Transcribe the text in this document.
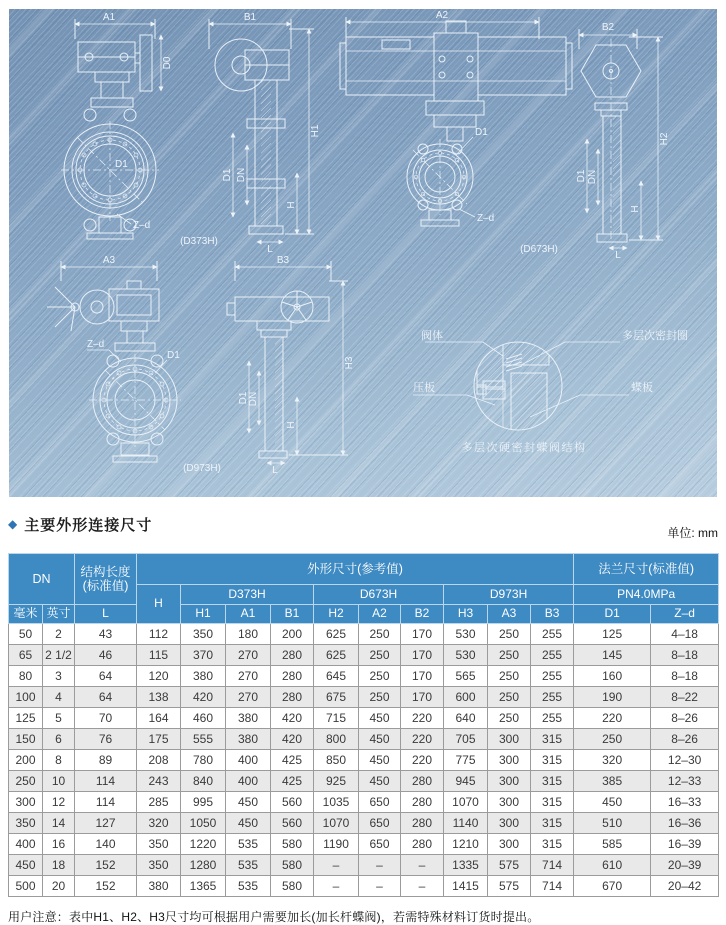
A1
D0
D1
Z–d
B1
H1
D1 DN
H
L
(D373H)
A2
D1
Z–d
(D673H)
B2
H2
D1 DN
H
L
A3
Z–d
D1
(D973H)
B3
H3
D1 DN
H
L
阀体	多层次密封圈
压板	蝶板
多层次硬密封蝶阀结构
◆ 主要外形连接尺寸	单位: mm
DN		结构长度
(标准值)	外形尺寸(参考值)										法兰尺寸(标准值)	
			H	D373H			D673H			D973H			PN4.0MPa	
毫米	英寸	L		H1	A1	B1	H2	A2	B2	H3	A3	B3	D1	Z–d
50	2	43	112	350	180	200	625	250	170	530	250	255	125	4–18
65	2 1/2	46	115	370	270	280	625	250	170	530	250	255	145	8–18
80	3	64	120	380	270	280	645	250	170	565	250	255	160	8–18
100	4	64	138	420	270	280	675	250	170	600	250	255	190	8–22
125	5	70	164	460	380	420	715	450	220	640	250	255	220	8–26
150	6	76	175	555	380	420	800	450	220	705	300	315	250	8–26
200	8	89	208	780	400	425	850	450	220	775	300	315	320	12–30
250	10	114	243	840	400	425	925	450	280	945	300	315	385	12–33
300	12	114	285	995	450	560	1035	650	280	1070	300	315	450	16–33
350	14	127	320	1050	450	560	1070	650	280	1140	300	315	510	16–36
400	16	140	350	1220	535	580	1190	650	280	1210	300	315	585	16–39
450	18	152	350	1280	535	580	–	–	–	1335	575	714	610	20–39
500	20	152	380	1365	535	580	–	–	–	1415	575	714	670	20–42

用户注意：表中H1、H2、H3尺寸均可根据用户需要加长(加长杆蝶阀)，若需特殊材料订货时提出。
